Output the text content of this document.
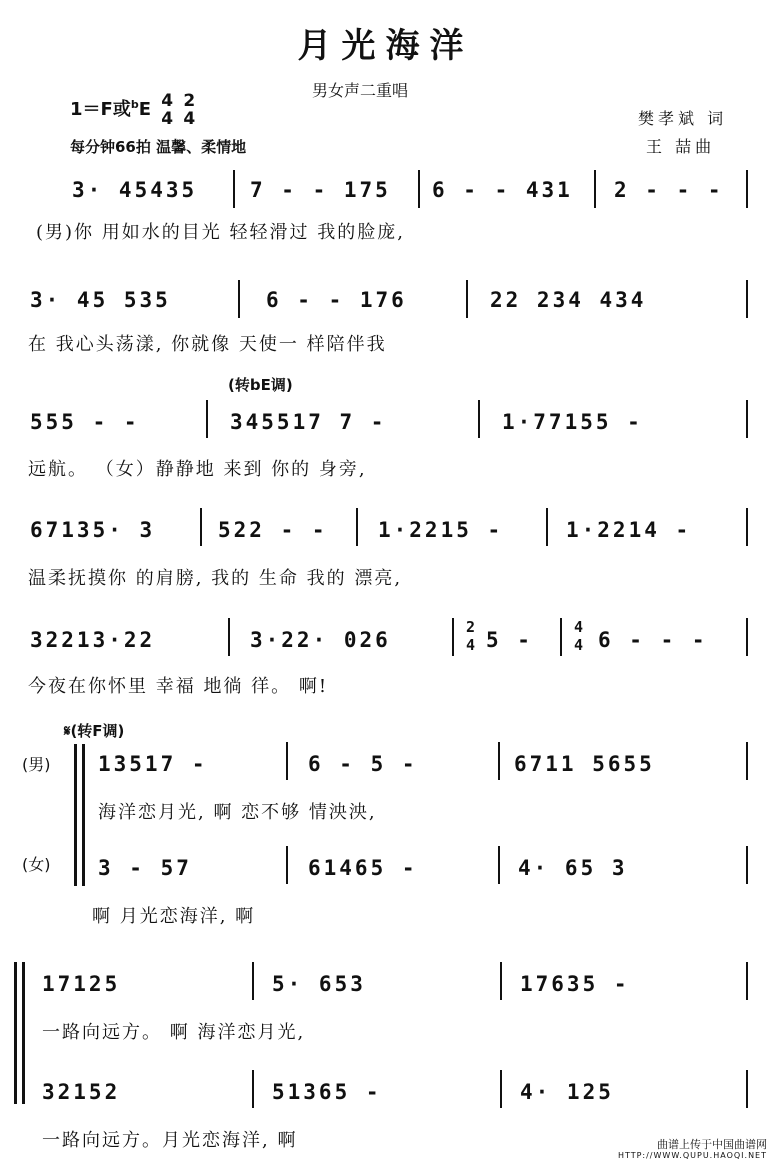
月光海洋
男女声二重唱
1＝F或$^b$E 4
4

2
4
每分钟66拍 温馨、柔情地
樊孝斌 词
王 喆曲
3· 45435	7 - - 175 6 - - 431 2 - - -
(男)你 用如水的目光 轻轻滑过 我的脸庞,
3· 45 535	6 - - 176	22 234 434
在 我心头荡漾, 你就像 天使一 样陪伴我
(转bE调)
555 - -	345517 7 -	1·77155 -
远航。 （女）静静地 来到 你的 身旁,
67135· 3	522 - - 1·2215 -	1·2214 -
温柔抚摸你 的肩膀, 我的 生命 我的 漂亮,
32213·22	3·22· 026
2
4 5 -
4
4 6 - - -
今夜在你怀里 幸福 地徜 徉。 啊!
𝄋(转F调)
(男)
(女)
13517 -	6 - 5 -	6711 5655
海洋恋月光, 啊 恋不够 情泱泱,
3 - 57	61465 -	4· 65 3
啊 月光恋海洋, 啊
17125	5· 653	17635 -
一路向远方。 啊 海洋恋月光,
32152	51365 -	4· 125
一路向远方。月光恋海洋, 啊	曲谱上传于中国曲谱网
HTTP://WWW.QUPU.HAOQI.NET
